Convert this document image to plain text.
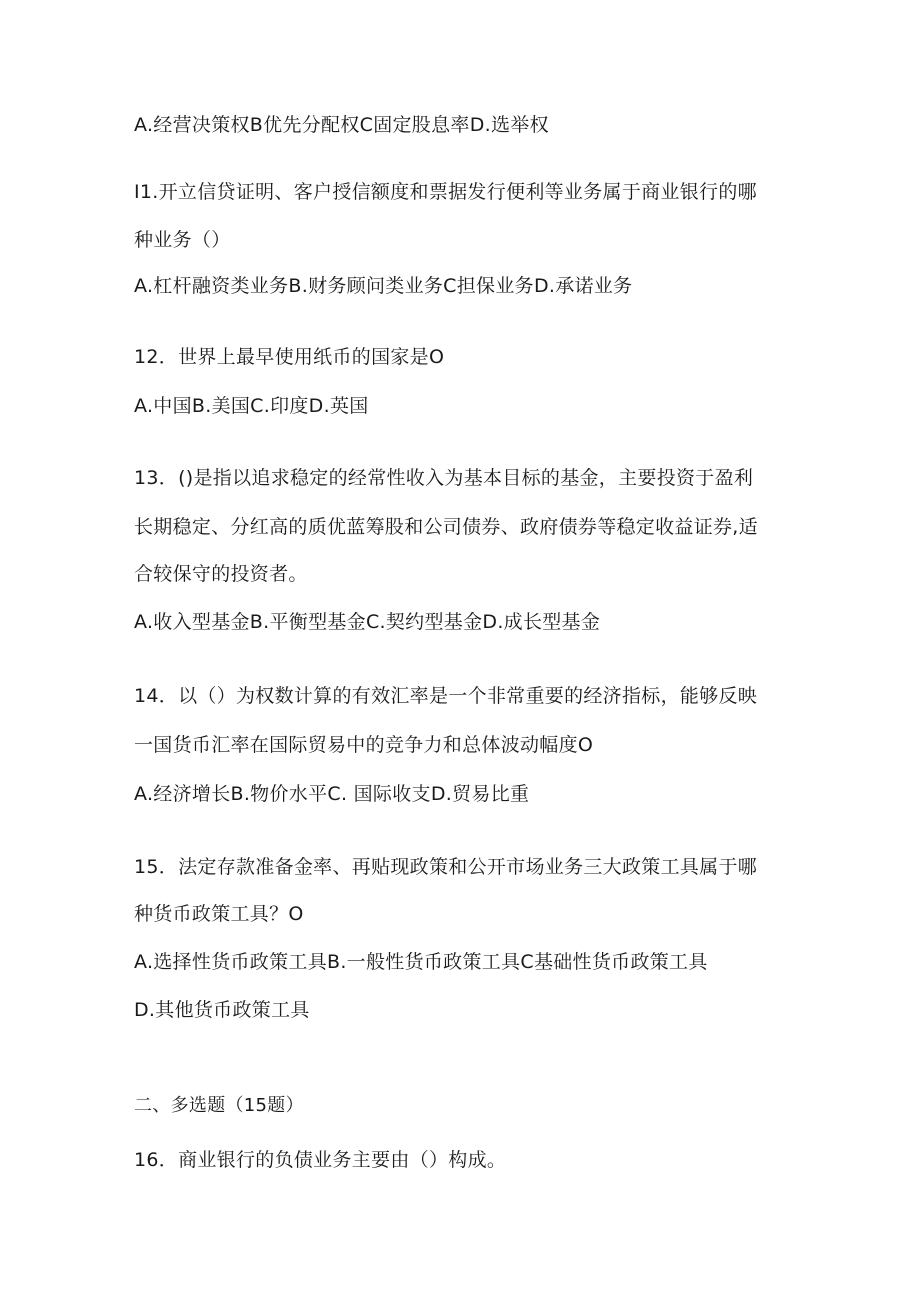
A.经营决策权B优先分配权C固定股息率D.选举权
I1.开立信贷证明、客户授信额度和票据发行便利等业务属于商业银行的哪
种业务（）
A.杠杆融资类业务B.财务顾问类业务C担保业务D.承诺业务
12．世界上最早使用纸币的国家是O
A.中国B.美国C.印度D.英国
13．()是指以追求稳定的经常性收入为基本目标的基金，主要投资于盈利
长期稳定、分红高的质优蓝筹股和公司债券、政府债券等稳定收益证券,适
合较保守的投资者。
A.收入型基金B.平衡型基金C.契约型基金D.成长型基金
14．以（）为权数计算的有效汇率是一个非常重要的经济指标，能够反映
一国货币汇率在国际贸易中的竞争力和总体波动幅度O
A.经济增长B.物价水平C. 国际收支D.贸易比重
15．法定存款准备金率、再贴现政策和公开市场业务三大政策工具属于哪
种货币政策工具？O
A.选择性货币政策工具B.一般性货币政策工具C基础性货币政策工具
D.其他货币政策工具
二、多选题（15题）
16．商业银行的负债业务主要由（）构成。
